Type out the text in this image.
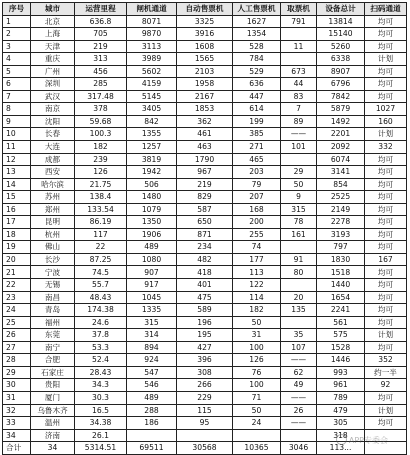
序号	城市	运营里程	闸机通道	自动售票机	人工售票机	取票机	设备总计	扫码通道
1	北京	636.8	8071	3325	1627	791	13814	均可
2	上海	705	9870	3916	1354		15140	均可
3	天津	219	3113	1608	528	11	5260	均可
4	重庆	313	3989	1565	784		6338	计划
5	广州	456	5602	2103	529	673	8907	均可
6	深圳	285	4159	1958	636	44	6796	均可
7	武汉	317.48	5145	2167	447	83	7842	均可
8	南京	378	3405	1853	614	7	5879	1027
9	沈阳	59.68	842	362	199	89	1492	160
10	长春	100.3	1355	461	385	——	2201	计划
11	大连	182	1257	463	271	101	2092	332
12	成都	239	3819	1790	465		6074	均可
13	西安	126	1942	967	203	29	3141	均可
14	哈尔滨	21.75	506	219	79	50	854	均可
15	苏州	138.4	1480	829	207	9	2525	均可
16	郑州	133.54	1079	587	168	315	2149	均可
17	昆明	86.19	1350	650	200	78	2278	均可
18	杭州	117	1906	871	255	161	3193	均可
19	佛山	22	489	234	74		797	均可
20	长沙	87.25	1080	482	177	91	1830	167
21	宁波	74.5	907	418	113	80	1518	均可
22	无锡	55.7	917	401	122		1440	均可
23	南昌	48.43	1045	475	114	20	1654	均可
24	青岛	174.38	1335	589	182	135	2241	均可
25	福州	24.6	315	196	50		561	均可
26	东莞	37.8	314	195	31	35	575	计划
27	南宁	53.3	894	427	100	107	1528	均可
28	合肥	52.4	924	396	126	——	1446	352
29	石家庄	28.43	547	308	76	62	993	约一半
30	贵阳	34.3	546	266	100	49	961	92
31	厦门	30.3	489	229	71	——	789	均可
32	乌鲁木齐	16.5	288	115	50	26	479	计划
33	温州	34.38	186	95	24	——	305	均可
34	济南	26.1					318	
合计	34	5314.51	69511	30568	10365	3046	113...	
APP专委会
